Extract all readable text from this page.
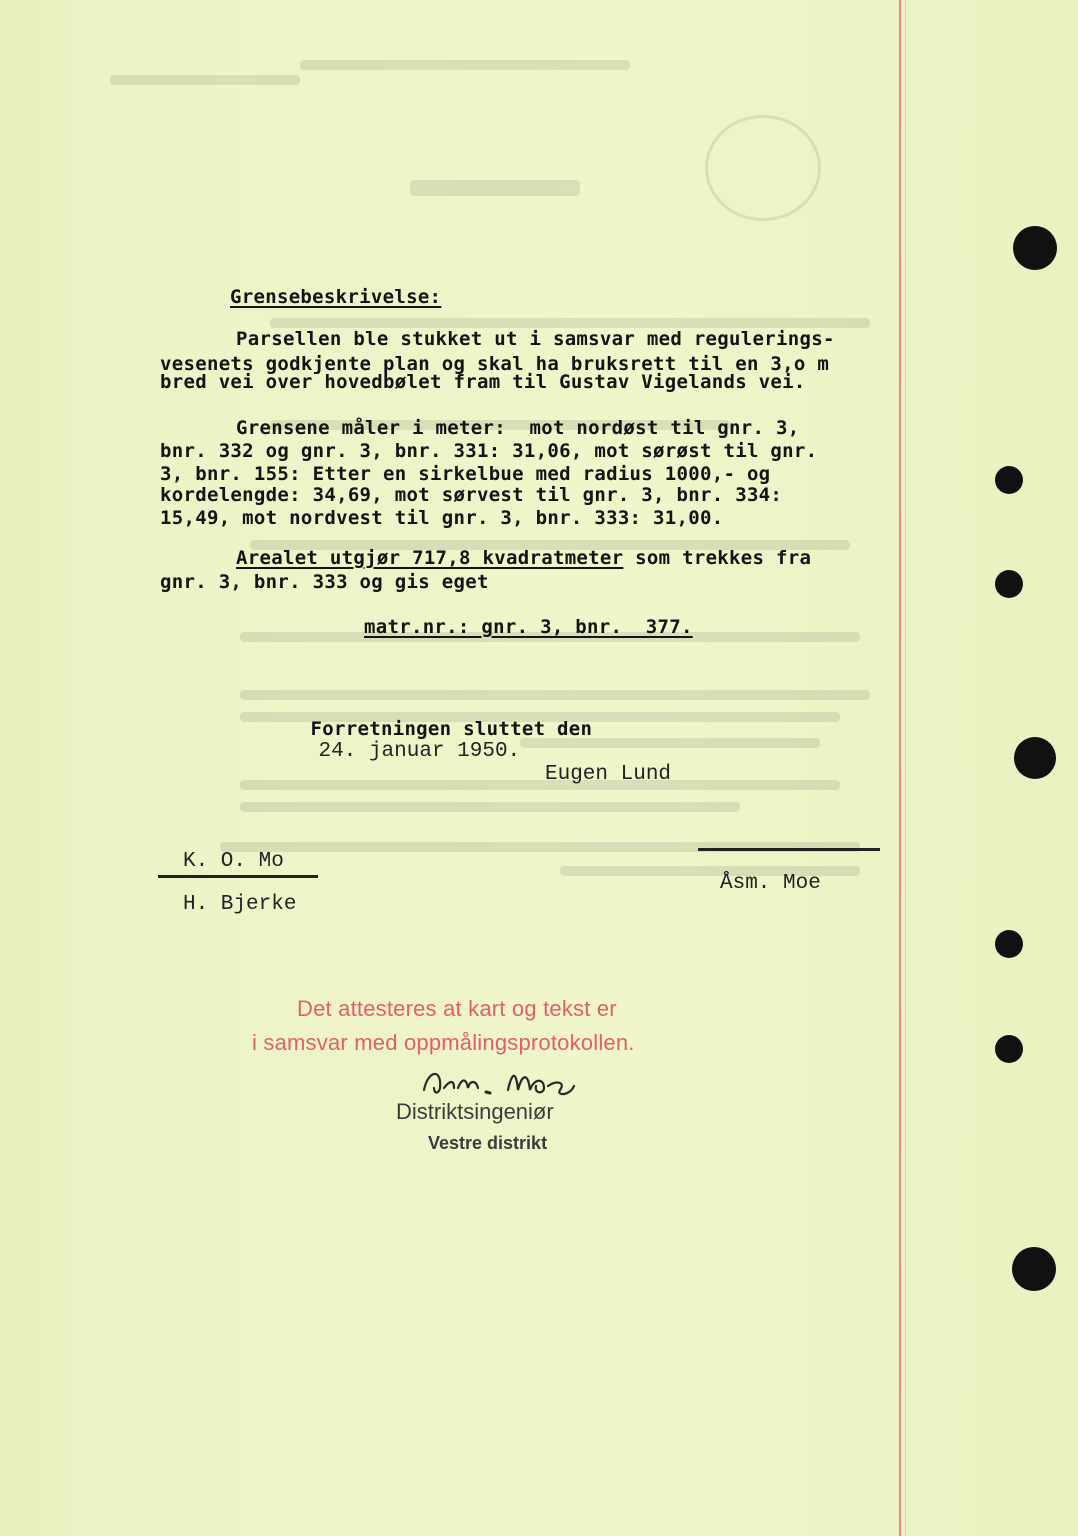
Grensebeskrivelse:
Parsellen ble stukket ut i samsvar med regulerings-
vesenets godkjente plan og skal ha bruksrett til en 3,o m
bred vei over hovedbølet fram til Gustav Vigelands vei.
Grensene måler i meter:  mot nordøst til gnr. 3,
bnr. 332 og gnr. 3, bnr. 331: 31,06, mot sørøst til gnr.
3, bnr. 155: Etter en sirkelbue med radius 1000,- og
kordelengde: 34,69, mot sørvest til gnr. 3, bnr. 334:
15,49, mot nordvest til gnr. 3, bnr. 333: 31,00.
Arealet utgjør 717,8 kvadratmeter som trekkes fra
gnr. 3, bnr. 333 og gis eget
matr.nr.: gnr. 3, bnr.  377.

Forretningen sluttet den
24. januar 1950.

Eugen Lund
K. O. Mo
H. Bjerke
Åsm. Moe
Det attesteres at kart og tekst er
i samsvar med oppmålingsprotokollen.
Distriktsingeniør
Vestre distrikt
